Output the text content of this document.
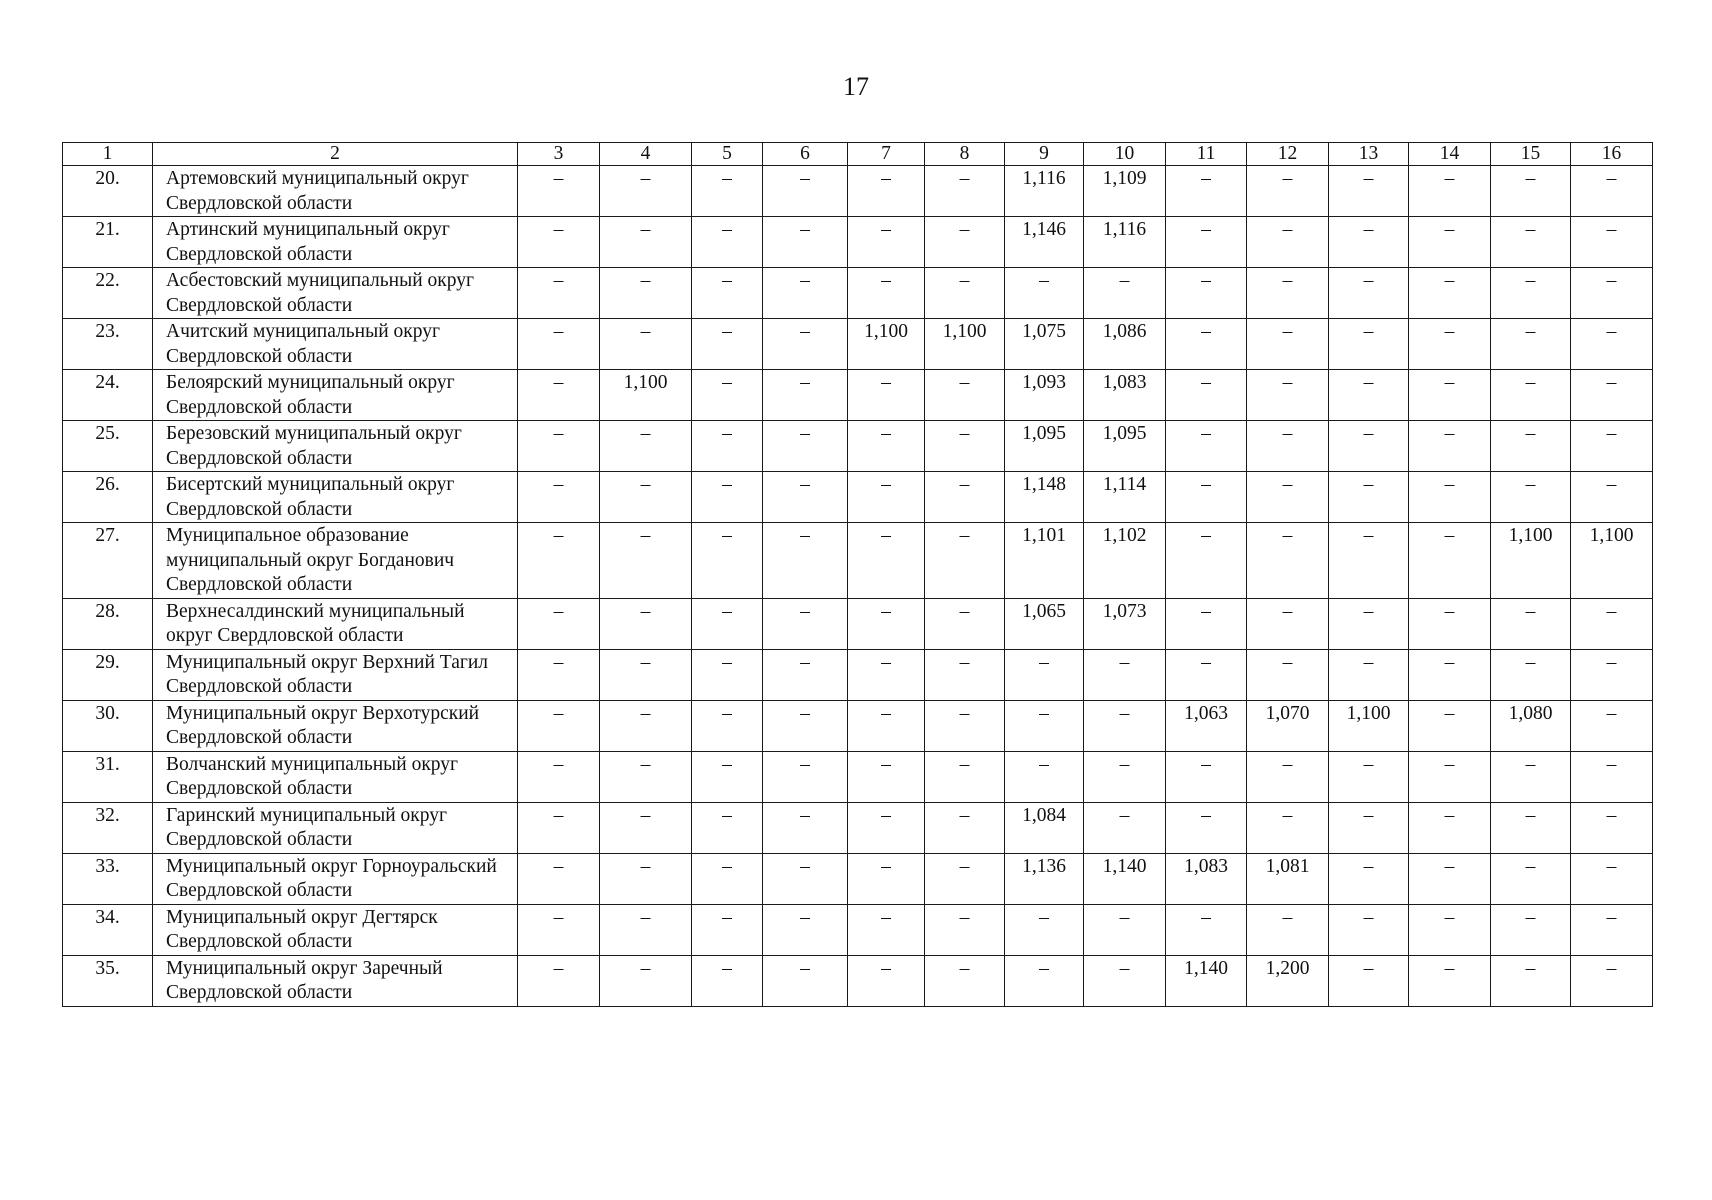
17
1	2	3	4	5	6	7	8	9	10	11	12	13	14	15	16
20.	Артемовский муниципальный округ Свердловской области	–	–	–	–	–	–	1,116	1,109	–	–	–	–	–	–
21.	Артинский муниципальный округ Свердловской области	–	–	–	–	–	–	1,146	1,116	–	–	–	–	–	–
22.	Асбестовский муниципальный округ Свердловской области	–	–	–	–	–	–	–	–	–	–	–	–	–	–
23.	Ачитский муниципальный округ Свердловской области	–	–	–	–	1,100	1,100	1,075	1,086	–	–	–	–	–	–
24.	Белоярский муниципальный округ Свердловской области	–	1,100	–	–	–	–	1,093	1,083	–	–	–	–	–	–
25.	Березовский муниципальный округ Свердловской области	–	–	–	–	–	–	1,095	1,095	–	–	–	–	–	–
26.	Бисертский муниципальный округ Свердловской области	–	–	–	–	–	–	1,148	1,114	–	–	–	–	–	–
27.	Муниципальное образование муниципальный округ Богданович Свердловской области	–	–	–	–	–	–	1,101	1,102	–	–	–	–	1,100	1,100
28.	Верхнесалдинский муниципальный округ Свердловской области	–	–	–	–	–	–	1,065	1,073	–	–	–	–	–	–
29.	Муниципальный округ Верхний Тагил Свердловской области	–	–	–	–	–	–	–	–	–	–	–	–	–	–
30.	Муниципальный округ Верхотурский Свердловской области	–	–	–	–	–	–	–	–	1,063	1,070	1,100	–	1,080	–
31.	Волчанский муниципальный округ Свердловской области	–	–	–	–	–	–	–	–	–	–	–	–	–	–
32.	Гаринский муниципальный округ Свердловской области	–	–	–	–	–	–	1,084	–	–	–	–	–	–	–
33.	Муниципальный округ Горноуральский Свердловской области	–	–	–	–	–	–	1,136	1,140	1,083	1,081	–	–	–	–
34.	Муниципальный округ Дегтярск Свердловской области	–	–	–	–	–	–	–	–	–	–	–	–	–	–
35.	Муниципальный округ Заречный Свердловской области	–	–	–	–	–	–	–	–	1,140	1,200	–	–	–	–
